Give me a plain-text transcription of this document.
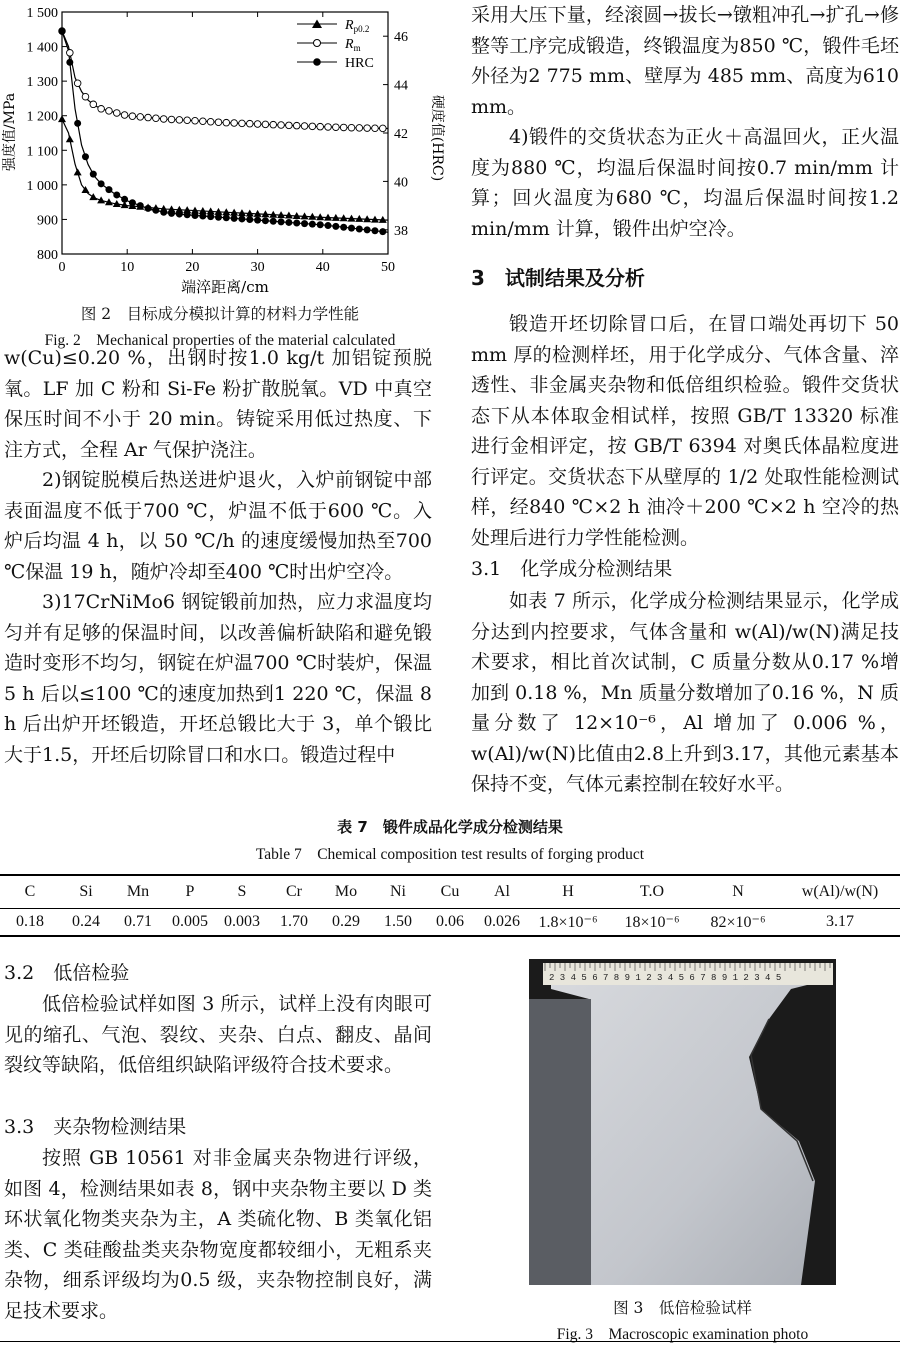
0	10	20	30	40	50
800
900
1 000
1 100
1 200
1 300
1 400
1 500
38
40
42
44
46
$R_{p0.2}$
$R_m$
HRC
端淬距离/cm
强度值/MPa	硬度值(HRC)
图 2　目标成分模拟计算的材料力学性能
Fig. 2　Mechanical properties of the material calculated

w(Cu)≤0.20 %，出钢时按1.0 kg/t 加铝锭预脱氧。LF 加 C 粉和 Si-Fe 粉扩散脱氧。VD 中真空保压时间不小于 20 min。铸锭采用低过热度、下注方式，全程 Ar 气保护浇注。

2)钢锭脱模后热送进炉退火，入炉前钢锭中部表面温度不低于700 ℃，炉温不低于600 ℃。入炉后均温 4 h，以 50 ℃/h 的速度缓慢加热至700 ℃保温 19 h，随炉冷却至400 ℃时出炉空冷。

3)17CrNiMo6 钢锭锻前加热，应力求温度均匀并有足够的保温时间，以改善偏析缺陷和避免锻造时变形不均匀，钢锭在炉温700 ℃时装炉，保温 5 h 后以≤100 ℃的速度加热到1 220 ℃，保温 8 h 后出炉开坯锻造，开坯总锻比大于 3，单个锻比大于1.5，开坯后切除冒口和水口。锻造过程中

采用大压下量，经滚圆→拔长→镦粗冲孔→扩孔→修整等工序完成锻造，终锻温度为850 ℃，锻件毛坯外径为2 775 mm、壁厚为 485 mm、高度为610 mm。

4)锻件的交货状态为正火＋高温回火，正火温度为880 ℃，均温后保温时间按0.7 min/mm 计算；回火温度为680 ℃，均温后保温时间按1.2 min/mm 计算，锻件出炉空冷。

3　试制结果及分析

锻造开坯切除冒口后，在冒口端处再切下 50 mm 厚的检测样坯，用于化学成分、气体含量、淬透性、非金属夹杂物和低倍组织检验。锻件交货状态下从本体取金相试样，按照 GB/T 13320 标准进行金相评定，按 GB/T 6394 对奥氏体晶粒度进行评定。交货状态下从壁厚的 1/2 处取性能检测试样，经840 ℃×2 h 油冷＋200 ℃×2 h 空冷的热处理后进行力学性能检测。

3.1　化学成分检测结果

如表 7 所示，化学成分检测结果显示，化学成分达到内控要求，气体含量和 w(Al)/w(N)满足技术要求，相比首次试制，C 质量分数从0.17 %增加到 0.18 %，Mn 质量分数增加了0.16 %，N 质量分数了 12×10⁻⁶，Al 增加了 0.006 %，w(Al)/w(N)比值由2.8上升到3.17，其他元素基本保持不变，气体元素控制在较好水平。

表 7　锻件成品化学成分检测结果
Table 7　Chemical composition test results of forging product
C	Si	Mn	P	S	Cr	Mo	Ni	Cu	Al	H	T.O	N	w(Al)/w(N)
0.18	0.24	0.71	0.005	0.003	1.70	0.29	1.50	0.06	0.026	1.8×10⁻⁶	18×10⁻⁶	82×10⁻⁶	3.17
3.2　低倍检验

低倍检验试样如图 3 所示，试样上没有肉眼可见的缩孔、气泡、裂纹、夹杂、白点、翻皮、晶间裂纹等缺陷，低倍组织缺陷评级符合技术要求。

3.3　夹杂物检测结果

按照 GB 10561 对非金属夹杂物进行评级，如图 4，检测结果如表 8，钢中夹杂物主要以 D 类环状氧化物类夹杂为主，A 类硫化物、B 类氧化铝类、C 类硅酸盐类夹杂物宽度都较细小，无粗系夹杂物，细系评级均为0.5 级，夹杂物控制良好，满足技术要求。

2 3 4 5 6 7 8 9 1 2 3 4 5 6 7 8 9 1 2 3 4 5
图 3　低倍检验试样
Fig. 3　Macroscopic examination photo
